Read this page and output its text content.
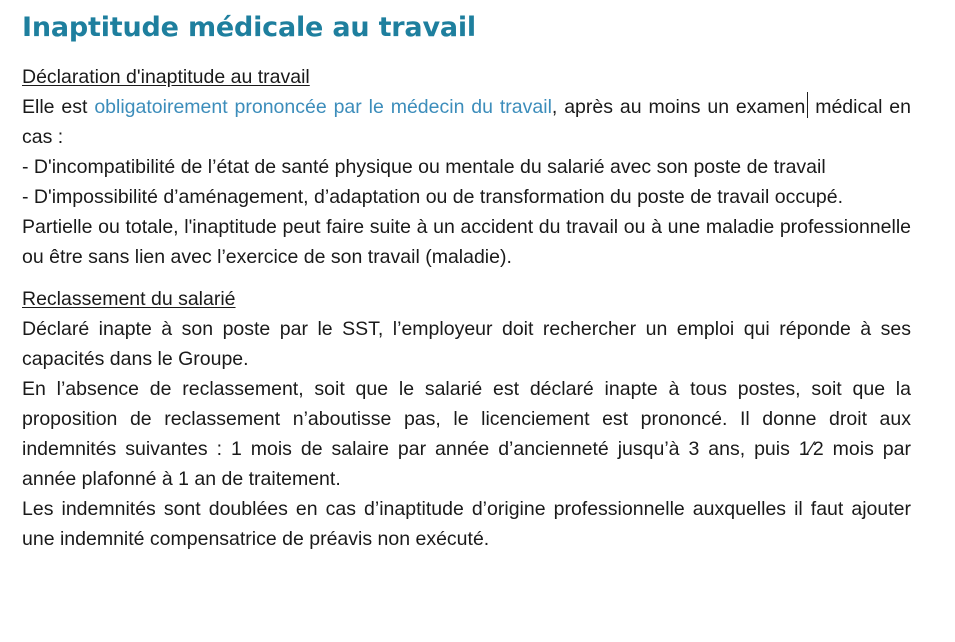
Inaptitude médicale au travail
Déclaration d'inaptitude au travail

Elle est obligatoirement prononcée par le médecin du travail, après au moins un examen médical en cas :

- D'incompatibilité de l’état de santé physique ou mentale du salarié avec son poste de travail

- D'impossibilité d’aménagement, d’adaptation ou de transformation du poste de travail occupé.

Partielle ou totale, l'inaptitude peut faire suite à un accident du travail ou à une maladie professionnelle ou être sans lien avec l’exercice de son travail (maladie).

Reclassement du salarié

Déclaré inapte à son poste par le SST, l’employeur doit rechercher un emploi qui réponde à ses capacités dans le Groupe.

En l’absence de reclassement, soit que le salarié est déclaré inapte à tous postes, soit que la proposition de reclassement n’aboutisse pas, le licenciement est prononcé. Il donne droit aux indemnités suivantes : 1 mois de salaire par année d’ancienneté jusqu’à 3 ans, puis 1⁄2 mois par année plafonné à 1 an de traitement.

Les indemnités sont doublées en cas d’inaptitude d’origine professionnelle auxquelles il faut ajouter une indemnité compensatrice de préavis non exécuté.
